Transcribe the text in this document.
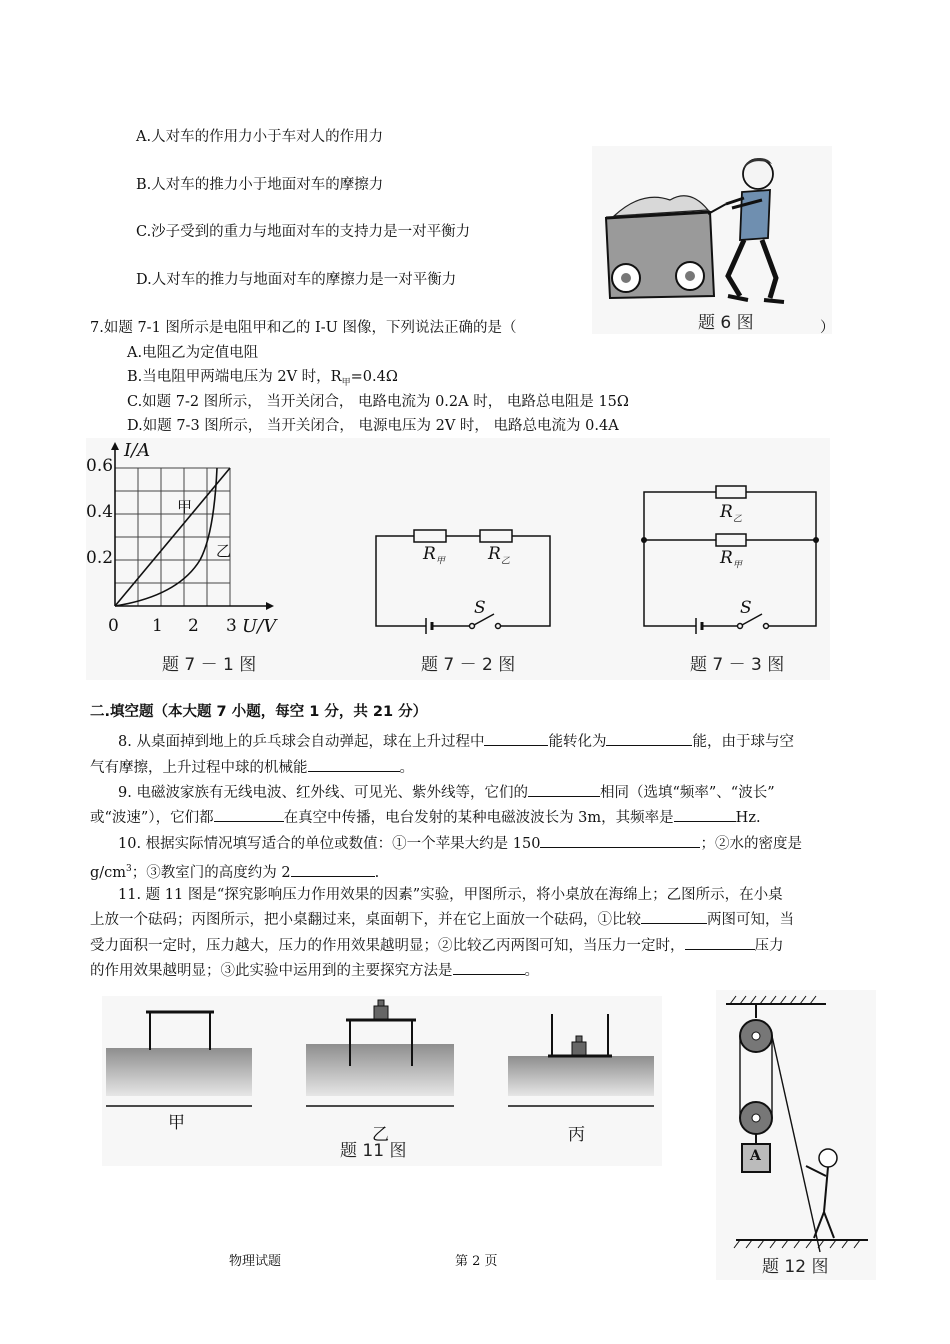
A.人对车的作用力小于车对人的作用力
B.人对车的推力小于地面对车的摩擦力
C.沙子受到的重力与地面对车的支持力是一对平衡力
D.人对车的推力与地面对车的摩擦力是一对平衡力
题 6 图
7.如题 7-1 图所示是电阻甲和乙的 I-U 图像，下列说法正确的是（	）
A.电阻乙为定值电阻
B.当电阻甲两端电压为 2V 时，$R_甲=0.4\Omega$
C.如题 7-2 图所示， 当开关闭合， 电路电流为 0.2A 时， 电路总电阻是 15Ω
D.如题 7-3 图所示， 当开关闭合， 电源电压为 2V 时， 电路总电流为 0.4A
I/A
U/V
0.6
0.4
0.2
0 1 2 3
甲
乙
题 7 － 1 图
$R_甲$	$R_乙$
S
题 7 － 2 图
$R_乙$
$R_甲$
S
题 7 － 3 图
二.填空题（本大题 7 小题，每空 1 分，共 21 分）
8. 从桌面掉到地上的乒乓球会自动弹起，球在上升过程中	能转化为	能，由于球与空
气有摩擦，上升过程中球的机械能	。
9. 电磁波家族有无线电波、红外线、可见光、紫外线等，它们的	相同（选填“频率”、“波长”
或“波速”），它们都	在真空中传播，电台发射的某种电磁波波长为 3m，其频率是	Hz.
10. 根据实际情况填写适合的单位或数值：①一个苹果大约是 150	；②水的密度是
$g/cm^3$；③教室门的高度约为 2	.
11. 题 11 图是“探究影响压力作用效果的因素”实验，甲图所示，将小桌放在海绵上；乙图所示，在小桌
上放一个砝码；丙图所示，把小桌翻过来，桌面朝下，并在它上面放一个砝码，①比较	两图可知，当
受力面积一定时，压力越大，压力的作用效果越明显；②比较乙丙两图可知，当压力一定时，	压力
的作用效果越明显；③此实验中运用到的主要探究方法是	。
甲
乙	丙
题 11 图	A
题 12 图
物理试题	第 2 页
